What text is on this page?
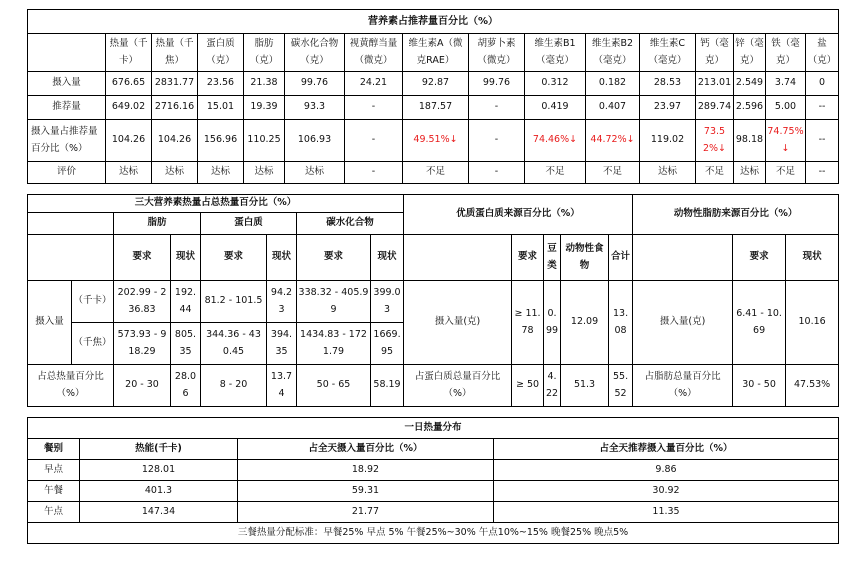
营养素占推荐量百分比（%）															
	热量（千卡）	热量（千焦）	蛋白质（克）	脂肪（克）	碳水化合物（克）	视黄醇当量（微克）	维生素A（微克RAE）	胡萝卜素（微克）	维生素B1（毫克）	维生素B2（毫克）	维生素C（毫克）	钙（毫克）	锌（毫克）	铁（毫克）	盐（克）
摄入量	676.65	2831.77	23.56	21.38	99.76	24.21	92.87	99.76	0.312	0.182	28.53	213.01	2.549	3.74	0
推荐量	649.02	2716.16	15.01	19.39	93.3	-	187.57	-	0.419	0.407	23.97	289.74	2.596	5.00	--
摄入量占推荐量百分比（%）	104.26	104.26	156.96	110.25	106.93	-	49.51%↓	-	74.46%↓	44.72%↓	119.02	73.52%↓	98.18	74.75%↓	--
评价	达标	达标	达标	达标	达标	-	不足	-	不足	不足	达标	不足	达标	不足	--
三大营养素热量占总热量百分比（%）								优质蛋白质来源百分比（%）					动物性脂肪来源百分比（%）		
		脂肪		蛋白质		碳水化合物									
		要求	现状	要求	现状	要求	现状		要求	豆类	动物性食物	合计		要求	现状
摄入量	（千卡）	202.99 - 236.83	192.44	81.2 - 101.5	94.23	338.32 - 405.99	399.03	摄入量(克)	≥ 11.78	0.99	12.09	13.08	摄入量(克)	6.41 - 10.69	10.16
	（千焦）	573.93 - 918.29	805.35	344.36 - 430.45	394.35	1434.83 - 1721.79	1669.95								
占总热量百分比（%）		20 - 30	28.06	8 - 20	13.74	50 - 65	58.19	占蛋白质总量百分比（%）	≥ 50	4.22	51.3	55.52	占脂肪总量百分比（%）	30 - 50	47.53%
一日热量分布			
餐别	热能(千卡)	占全天摄入量百分比（%）	占全天推荐摄入量百分比（%）
早点	128.01	18.92	9.86
午餐	401.3	59.31	30.92
午点	147.34	21.77	11.35
三餐热量分配标准：早餐25% 早点 5% 午餐25%~30% 午点10%~15% 晚餐25% 晚点5%			
